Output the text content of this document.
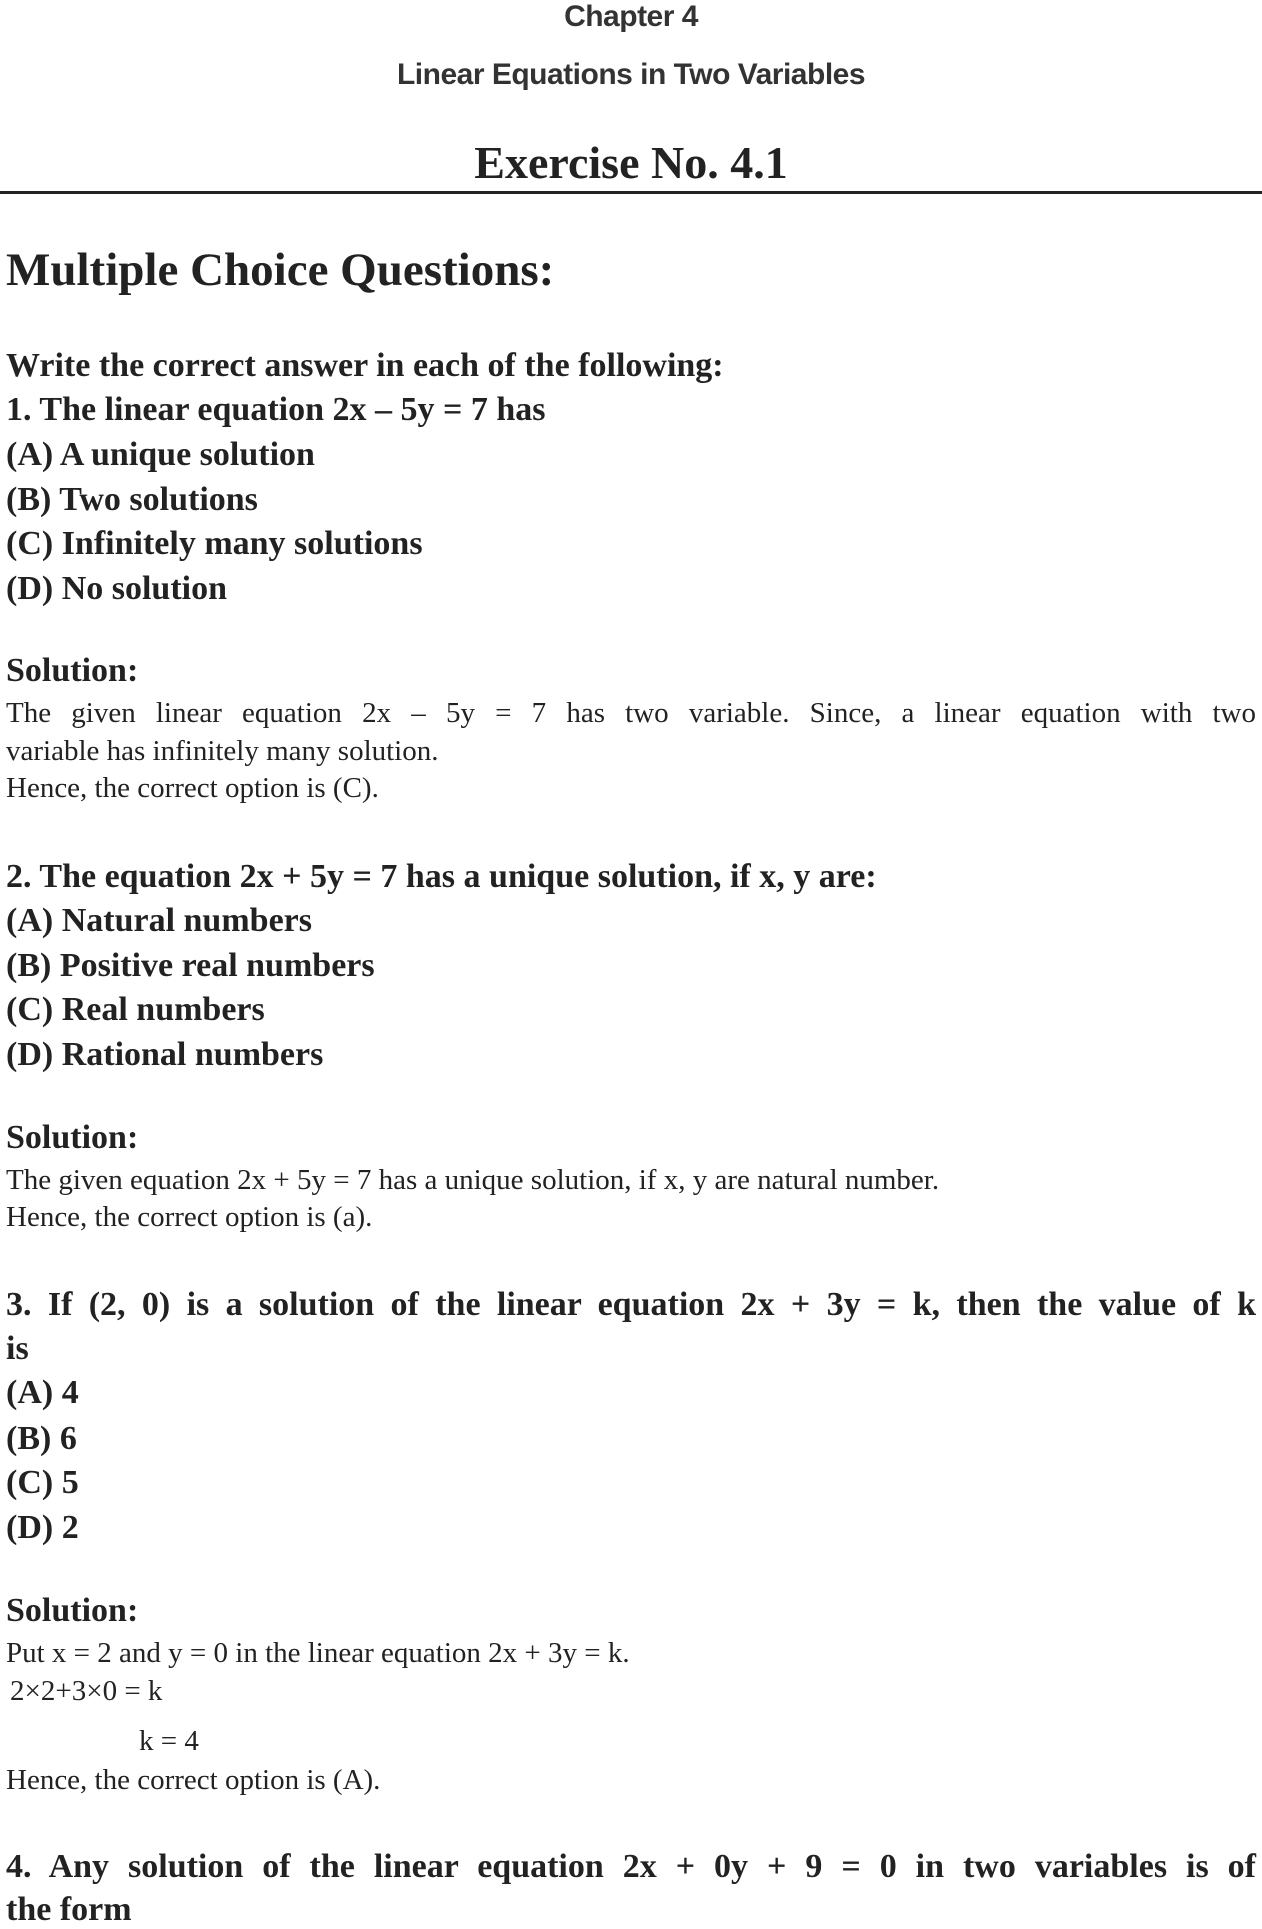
Chapter 4
Linear Equations in Two Variables
Exercise No. 4.1
Multiple Choice Questions:
Write the correct answer in each of the following:
1. The linear equation 2x – 5y = 7 has
(A) A unique solution
(B) Two solutions
(C) Infinitely many solutions
(D) No solution
Solution:
The given linear equation 2x – 5y = 7 has two variable. Since, a linear equation with two
variable has infinitely many solution.
Hence, the correct option is (C).
2. The equation 2x + 5y = 7 has a unique solution, if x, y are:
(A) Natural numbers
(B) Positive real numbers
(C) Real numbers
(D) Rational numbers
Solution:
The given equation 2x + 5y = 7 has a unique solution, if x, y are natural number.
Hence, the correct option is (a).
3. If (2, 0) is a solution of the linear equation 2x + 3y = k, then the value of k
is
(A) 4
(B) 6
(C) 5
(D) 2
Solution:
Put x = 2 and y = 0 in the linear equation 2x + 3y = k.
2×2+3×0 = k
k = 4
Hence, the correct option is (A).
4. Any solution of the linear equation 2x + 0y + 9 = 0 in two variables is of
the form
